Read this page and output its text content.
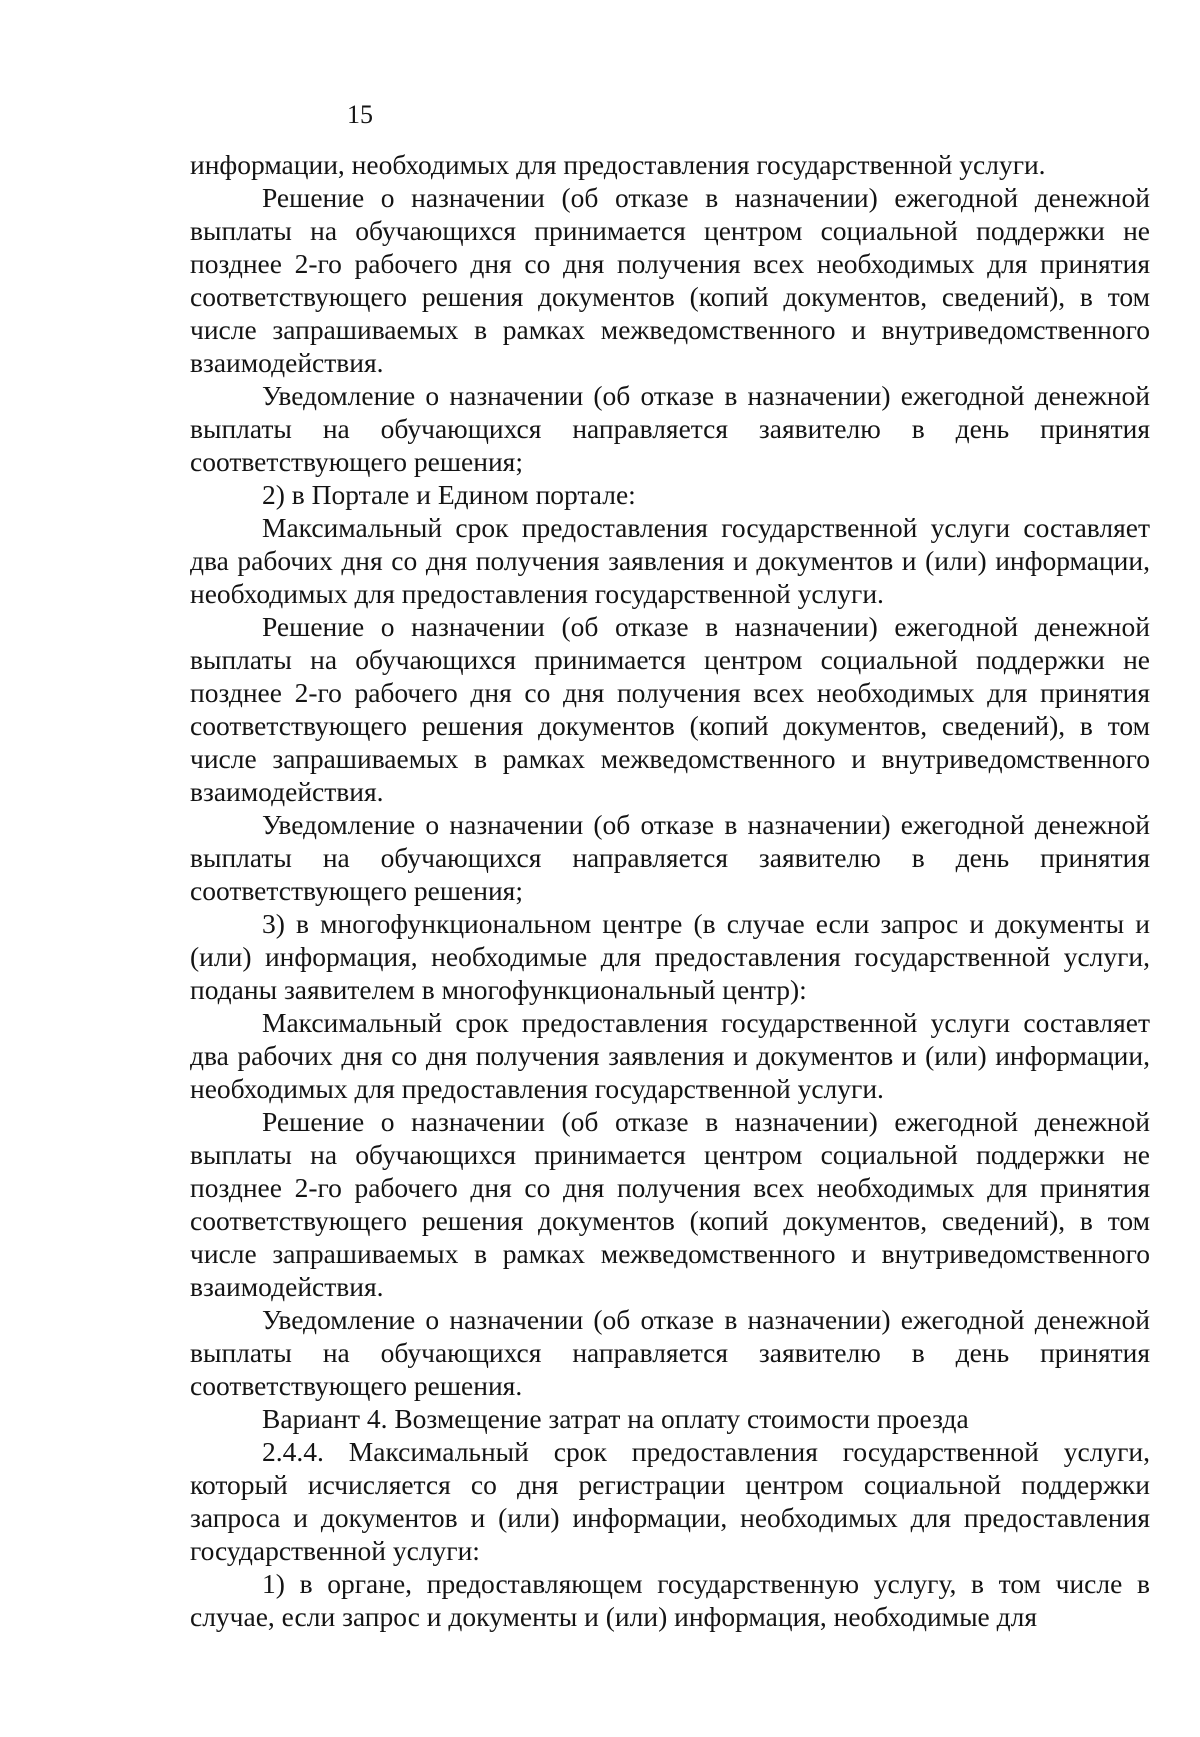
15

информации, необходимых для предоставления государственной услуги.

Решение о назначении (об отказе в назначении) ежегодной денежной выплаты на обучающихся принимается центром социальной поддержки не позднее 2-го рабочего дня со дня получения всех необходимых для принятия соответствующего решения документов (копий документов, сведений), в том числе запрашиваемых в рамках межведомственного и внутриведомственного взаимодействия.

Уведомление о назначении (об отказе в назначении) ежегодной денежной выплаты на обучающихся направляется заявителю в день принятия соответствующего решения;

2) в Портале и Едином портале:

Максимальный срок предоставления государственной услуги составляет два рабочих дня со дня получения заявления и документов и (или) информации, необходимых для предоставления государственной услуги.

Решение о назначении (об отказе в назначении) ежегодной денежной выплаты на обучающихся принимается центром социальной поддержки не позднее 2-го рабочего дня со дня получения всех необходимых для принятия соответствующего решения документов (копий документов, сведений), в том числе запрашиваемых в рамках межведомственного и внутриведомственного взаимодействия.

Уведомление о назначении (об отказе в назначении) ежегодной денежной выплаты на обучающихся направляется заявителю в день принятия соответствующего решения;

3) в многофункциональном центре (в случае если запрос и документы и (или) информация, необходимые для предоставления государственной услуги, поданы заявителем в многофункциональный центр):

Максимальный срок предоставления государственной услуги составляет два рабочих дня со дня получения заявления и документов и (или) информации, необходимых для предоставления государственной услуги.

Решение о назначении (об отказе в назначении) ежегодной денежной выплаты на обучающихся принимается центром социальной поддержки не позднее 2-го рабочего дня со дня получения всех необходимых для принятия соответствующего решения документов (копий документов, сведений), в том числе запрашиваемых в рамках межведомственного и внутриведомственного взаимодействия.

Уведомление о назначении (об отказе в назначении) ежегодной денежной выплаты на обучающихся направляется заявителю в день принятия соответствующего решения.

Вариант 4. Возмещение затрат на оплату стоимости проезда

2.4.4. Максимальный срок предоставления государственной услуги, который исчисляется со дня регистрации центром социальной поддержки запроса и документов и (или) информации, необходимых для предоставления государственной услуги:

1) в органе, предоставляющем государственную услугу, в том числе в случае, если запрос и документы и (или) информация, необходимые для
